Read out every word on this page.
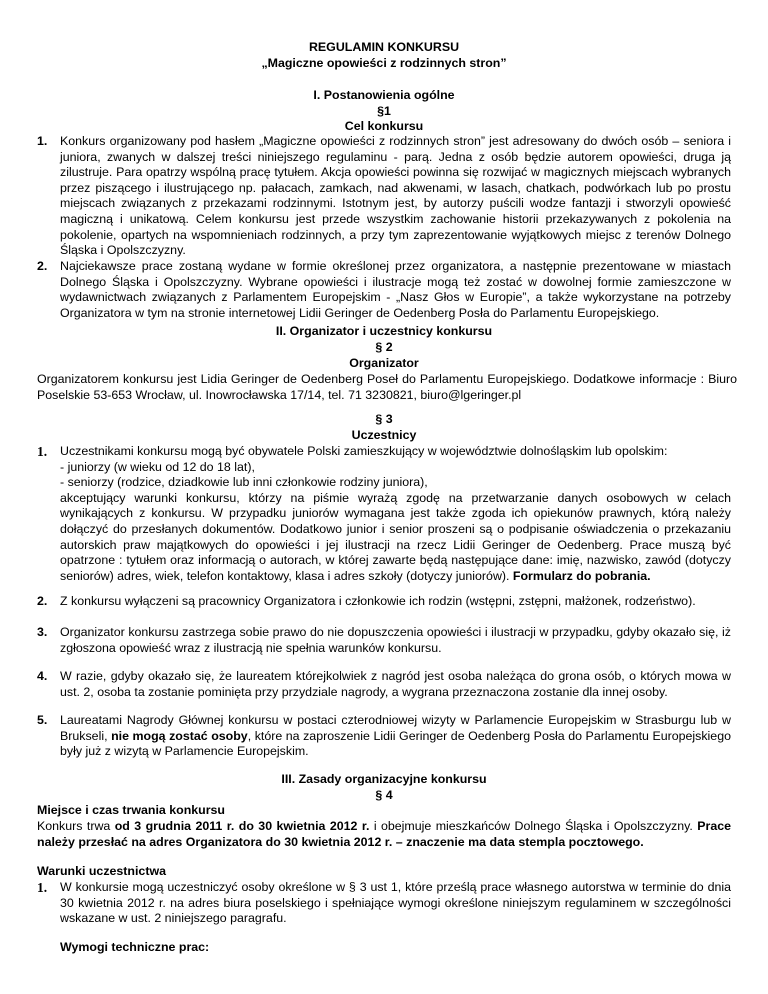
REGULAMIN KONKURSU
„Magiczne opowieści z rodzinnych stron”
I. Postanowienia ogólne
§1
Cel konkursu
1.	Konkurs organizowany pod hasłem „Magiczne opowieści z rodzinnych stron” jest adresowany do dwóch osób – seniora i juniora, zwanych w dalszej treści niniejszego regulaminu - parą. Jedna z osób będzie autorem opowieści, druga ją zilustruje. Para opatrzy wspólną pracę tytułem. Akcja opowieści powinna się rozwijać w magicznych miejscach wybranych przez piszącego i ilustrującego np. pałacach, zamkach, nad akwenami, w lasach, chatkach, podwórkach lub po prostu miejscach związanych z przekazami rodzinnymi. Istotnym jest, by autorzy puścili wodze fantazji i stworzyli opowieść magiczną i unikatową. Celem konkursu jest przede wszystkim zachowanie historii przekazywanych z pokolenia na pokolenie, opartych na wspomnieniach rodzinnych, a przy tym zaprezentowanie wyjątkowych miejsc z terenów Dolnego Śląska i Opolszczyzny.
2.	Najciekawsze prace zostaną wydane w formie określonej przez organizatora, a następnie prezentowane w miastach Dolnego Śląska i Opolszczyzny. Wybrane opowieści i ilustracje mogą też zostać w dowolnej formie zamieszczone w wydawnictwach związanych z Parlamentem Europejskim - „Nasz Głos w Europie”, a także wykorzystane na potrzeby Organizatora w tym na stronie internetowej Lidii Geringer de Oedenberg Posła do Parlamentu Europejskiego.
II. Organizator i uczestnicy konkursu
§ 2
Organizator
Organizatorem konkursu jest Lidia Geringer de Oedenberg Poseł do Parlamentu Europejskiego. Dodatkowe informacje : Biuro Poselskie 53-653 Wrocław, ul. Inowrocławska 17/14, tel. 71 3230821, biuro@lgeringer.pl
§ 3
Uczestnicy
1.	Uczestnikami konkursu mogą być obywatele Polski zamieszkujący w województwie dolnośląskim lub opolskim:
- juniorzy (w wieku od 12 do 18 lat),
- seniorzy (rodzice, dziadkowie lub inni członkowie rodziny juniora),
akceptujący warunki konkursu, którzy na piśmie wyrażą zgodę na przetwarzanie danych osobowych w celach wynikających z konkursu. W przypadku juniorów wymagana jest także zgoda ich opiekunów prawnych, którą należy dołączyć do przesłanych dokumentów. Dodatkowo junior i senior proszeni są o podpisanie oświadczenia o przekazaniu autorskich praw majątkowych do opowieści i jej ilustracji na rzecz Lidii Geringer de Oedenberg. Prace muszą być opatrzone : tytułem oraz informacją o autorach, w której zawarte będą następujące dane: imię, nazwisko, zawód (dotyczy seniorów) adres, wiek, telefon kontaktowy, klasa i adres szkoły (dotyczy juniorów). Formularz do pobrania.
2.	Z konkursu wyłączeni są pracownicy Organizatora i członkowie ich rodzin (wstępni, zstępni, małżonek, rodzeństwo).
3.	Organizator konkursu zastrzega sobie prawo do nie dopuszczenia opowieści i ilustracji w przypadku, gdyby okazało się, iż zgłoszona opowieść wraz z ilustracją nie spełnia warunków konkursu.
4.	W razie, gdyby okazało się, że laureatem którejkolwiek z nagród jest osoba należąca do grona osób, o których mowa w ust. 2, osoba ta zostanie pominięta przy przydziale nagrody, a wygrana przeznaczona zostanie dla innej osoby.
5.	Laureatami Nagrody Głównej konkursu w postaci czterodniowej wizyty w Parlamencie Europejskim w Strasburgu lub w Brukseli, nie mogą zostać osoby, które na zaproszenie Lidii Geringer de Oedenberg Posła do Parlamentu Europejskiego były już z wizytą w Parlamencie Europejskim.
III. Zasady organizacyjne konkursu
§ 4
Miejsce i czas trwania konkursu
Konkurs trwa od 3 grudnia 2011 r. do 30 kwietnia 2012 r. i obejmuje mieszkańców Dolnego Śląska i Opolszczyzny. Prace należy przesłać na adres Organizatora do 30 kwietnia 2012 r. – znaczenie ma data stempla pocztowego.
Warunki uczestnictwa
1.	W konkursie mogą uczestniczyć osoby określone w § 3 ust 1, które prześlą prace własnego autorstwa w terminie do dnia 30 kwietnia 2012 r. na adres biura poselskiego i spełniające wymogi określone niniejszym regulaminem w szczególności wskazane w ust. 2 niniejszego paragrafu.
Wymogi techniczne prac:
